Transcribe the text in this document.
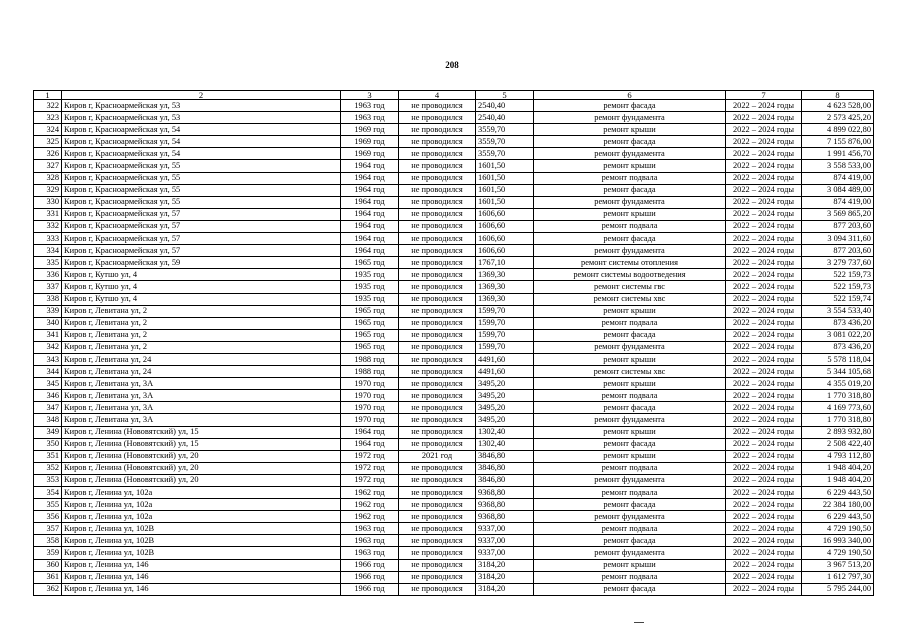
208
1	2	3	4	5	6	7	8
322	Киров г, Красноармейская ул, 53	1963 год	не проводился	2540,40	ремонт фасада	2022 – 2024 годы	4 623 528,00
323	Киров г, Красноармейская ул, 53	1963 год	не проводился	2540,40	ремонт фундамента	2022 – 2024 годы	2 573 425,20
324	Киров г, Красноармейская ул, 54	1969 год	не проводился	3559,70	ремонт крыши	2022 – 2024 годы	4 899 022,80
325	Киров г, Красноармейская ул, 54	1969 год	не проводился	3559,70	ремонт фасада	2022 – 2024 годы	7 155 876,00
326	Киров г, Красноармейская ул, 54	1969 год	не проводился	3559,70	ремонт фундамента	2022 – 2024 годы	1 991 456,70
327	Киров г, Красноармейская ул, 55	1964 год	не проводился	1601,50	ремонт крыши	2022 – 2024 годы	3 558 533,00
328	Киров г, Красноармейская ул, 55	1964 год	не проводился	1601,50	ремонт подвала	2022 – 2024 годы	874 419,00
329	Киров г, Красноармейская ул, 55	1964 год	не проводился	1601,50	ремонт фасада	2022 – 2024 годы	3 084 489,00
330	Киров г, Красноармейская ул, 55	1964 год	не проводился	1601,50	ремонт фундамента	2022 – 2024 годы	874 419,00
331	Киров г, Красноармейская ул, 57	1964 год	не проводился	1606,60	ремонт крыши	2022 – 2024 годы	3 569 865,20
332	Киров г, Красноармейская ул, 57	1964 год	не проводился	1606,60	ремонт подвала	2022 – 2024 годы	877 203,60
333	Киров г, Красноармейская ул, 57	1964 год	не проводился	1606,60	ремонт фасада	2022 – 2024 годы	3 094 311,60
334	Киров г, Красноармейская ул, 57	1964 год	не проводился	1606,60	ремонт фундамента	2022 – 2024 годы	877 203,60
335	Киров г, Красноармейская ул, 59	1965 год	не проводился	1767,10	ремонт системы отопления	2022 – 2024 годы	3 279 737,60
336	Киров г, Кутшо ул, 4	1935 год	не проводился	1369,30	ремонт системы водоотведения	2022 – 2024 годы	522 159,73
337	Киров г, Кутшо ул, 4	1935 год	не проводился	1369,30	ремонт системы гвс	2022 – 2024 годы	522 159,73
338	Киров г, Кутшо ул, 4	1935 год	не проводился	1369,30	ремонт системы хвс	2022 – 2024 годы	522 159,74
339	Киров г, Левитана ул, 2	1965 год	не проводился	1599,70	ремонт крыши	2022 – 2024 годы	3 554 533,40
340	Киров г, Левитана ул, 2	1965 год	не проводился	1599,70	ремонт подвала	2022 – 2024 годы	873 436,20
341	Киров г, Левитана ул, 2	1965 год	не проводился	1599,70	ремонт фасада	2022 – 2024 годы	3 081 022,20
342	Киров г, Левитана ул, 2	1965 год	не проводился	1599,70	ремонт фундамента	2022 – 2024 годы	873 436,20
343	Киров г, Левитана ул, 24	1988 год	не проводился	4491,60	ремонт крыши	2022 – 2024 годы	5 578 118,04
344	Киров г, Левитана ул, 24	1988 год	не проводился	4491,60	ремонт системы хвс	2022 – 2024 годы	5 344 105,68
345	Киров г, Левитана ул, 3А	1970 год	не проводился	3495,20	ремонт крыши	2022 – 2024 годы	4 355 019,20
346	Киров г, Левитана ул, 3А	1970 год	не проводился	3495,20	ремонт подвала	2022 – 2024 годы	1 770 318,80
347	Киров г, Левитана ул, 3А	1970 год	не проводился	3495,20	ремонт фасада	2022 – 2024 годы	4 169 773,60
348	Киров г, Левитана ул, 3А	1970 год	не проводился	3495,20	ремонт фундамента	2022 – 2024 годы	1 770 318,80
349	Киров г, Ленина (Нововятский) ул, 15	1964 год	не проводился	1302,40	ремонт крыши	2022 – 2024 годы	2 893 932,80
350	Киров г, Ленина (Нововятский) ул, 15	1964 год	не проводился	1302,40	ремонт фасада	2022 – 2024 годы	2 508 422,40
351	Киров г, Ленина (Нововятский) ул, 20	1972 год	2021 год	3846,80	ремонт крыши	2022 – 2024 годы	4 793 112,80
352	Киров г, Ленина (Нововятский) ул, 20	1972 год	не проводился	3846,80	ремонт подвала	2022 – 2024 годы	1 948 404,20
353	Киров г, Ленина (Нововятский) ул, 20	1972 год	не проводился	3846,80	ремонт фундамента	2022 – 2024 годы	1 948 404,20
354	Киров г, Ленина ул, 102а	1962 год	не проводился	9368,80	ремонт подвала	2022 – 2024 годы	6 229 443,50
355	Киров г, Ленина ул, 102а	1962 год	не проводился	9368,80	ремонт фасада	2022 – 2024 годы	22 384 180,00
356	Киров г, Ленина ул, 102а	1962 год	не проводился	9368,80	ремонт фундамента	2022 – 2024 годы	6 229 443,50
357	Киров г, Ленина ул, 102В	1963 год	не проводился	9337,00	ремонт подвала	2022 – 2024 годы	4 729 190,50
358	Киров г, Ленина ул, 102В	1963 год	не проводился	9337,00	ремонт фасада	2022 – 2024 годы	16 993 340,00
359	Киров г, Ленина ул, 102В	1963 год	не проводился	9337,00	ремонт фундамента	2022 – 2024 годы	4 729 190,50
360	Киров г, Ленина ул, 146	1966 год	не проводился	3184,20	ремонт крыши	2022 – 2024 годы	3 967 513,20
361	Киров г, Ленина ул, 146	1966 год	не проводился	3184,20	ремонт подвала	2022 – 2024 годы	1 612 797,30
362	Киров г, Ленина ул, 146	1966 год	не проводился	3184,20	ремонт фасада	2022 – 2024 годы	5 795 244,00
